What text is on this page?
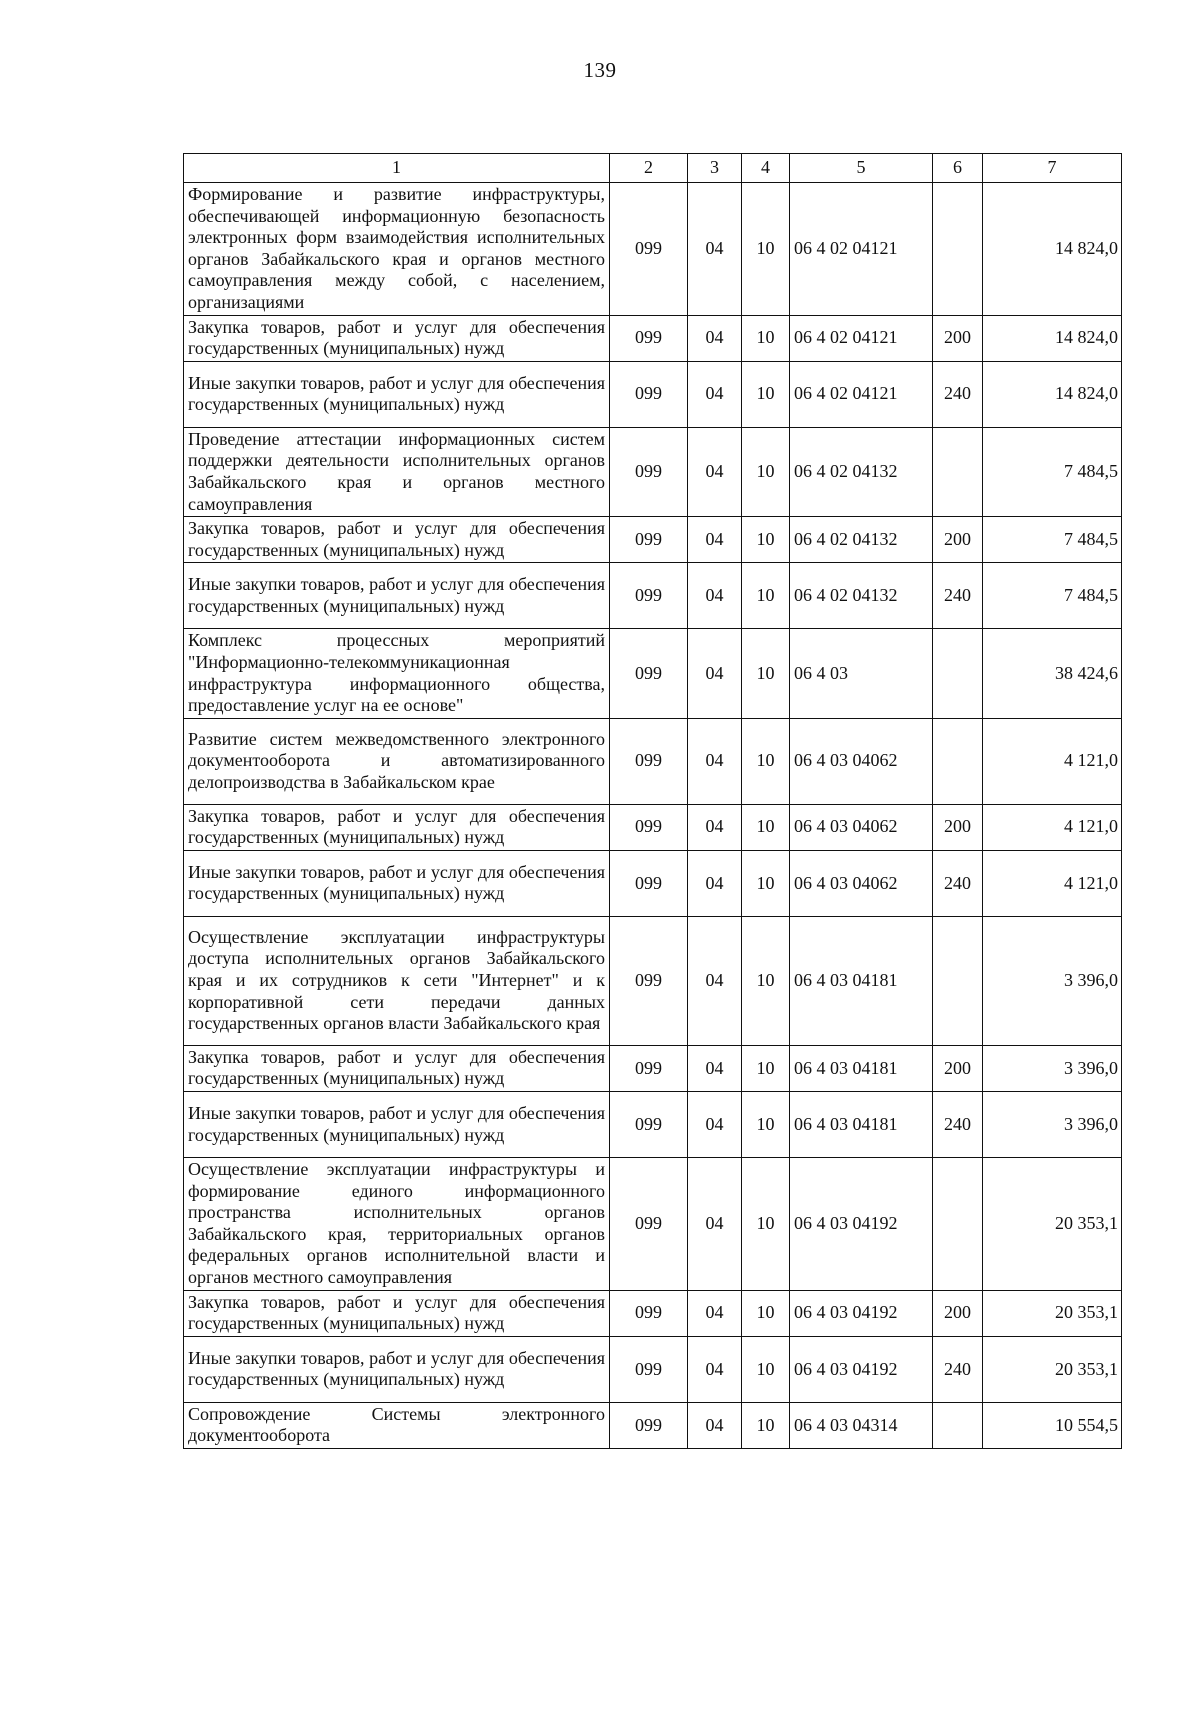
139
1	2	3	4	5	6	7
Формирование и развитие инфраструктуры, обеспечивающей информационную безопасность электронных форм взаимодействия исполнительных органов Забайкальского края и органов местного самоуправления между собой, с населением, организациями	099	04	10	06 4 02 04121		14 824,0
Закупка товаров, работ и услуг для обеспечения государственных (муниципальных) нужд	099	04	10	06 4 02 04121	200	14 824,0
Иные закупки товаров, работ и услуг для обеспечения государственных (муниципальных) нужд	099	04	10	06 4 02 04121	240	14 824,0
Проведение аттестации информационных систем поддержки деятельности исполнительных органов Забайкальского края и органов местного самоуправления	099	04	10	06 4 02 04132		7 484,5
Закупка товаров, работ и услуг для обеспечения государственных (муниципальных) нужд	099	04	10	06 4 02 04132	200	7 484,5
Иные закупки товаров, работ и услуг для обеспечения государственных (муниципальных) нужд	099	04	10	06 4 02 04132	240	7 484,5
Комплекс процессных мероприятий "Информационно-телекоммуникационная инфраструктура информационного общества, предоставление услуг на ее основе"	099	04	10	06 4 03		38 424,6
Развитие систем межведомственного электронного документооборота и автоматизированного делопроизводства в Забайкальском крае	099	04	10	06 4 03 04062		4 121,0
Закупка товаров, работ и услуг для обеспечения государственных (муниципальных) нужд	099	04	10	06 4 03 04062	200	4 121,0
Иные закупки товаров, работ и услуг для обеспечения государственных (муниципальных) нужд	099	04	10	06 4 03 04062	240	4 121,0
Осуществление эксплуатации инфраструктуры доступа исполнительных органов Забайкальского края и их сотрудников к сети "Интернет" и к корпоративной сети передачи данных государственных органов власти Забайкальского края	099	04	10	06 4 03 04181		3 396,0
Закупка товаров, работ и услуг для обеспечения государственных (муниципальных) нужд	099	04	10	06 4 03 04181	200	3 396,0
Иные закупки товаров, работ и услуг для обеспечения государственных (муниципальных) нужд	099	04	10	06 4 03 04181	240	3 396,0
Осуществление эксплуатации инфраструктуры и формирование единого информационного пространства исполнительных органов Забайкальского края, территориальных органов федеральных органов исполнительной власти и органов местного самоуправления	099	04	10	06 4 03 04192		20 353,1
Закупка товаров, работ и услуг для обеспечения государственных (муниципальных) нужд	099	04	10	06 4 03 04192	200	20 353,1
Иные закупки товаров, работ и услуг для обеспечения государственных (муниципальных) нужд	099	04	10	06 4 03 04192	240	20 353,1
Сопровождение Системы электронного документооборота	099	04	10	06 4 03 04314		10 554,5
